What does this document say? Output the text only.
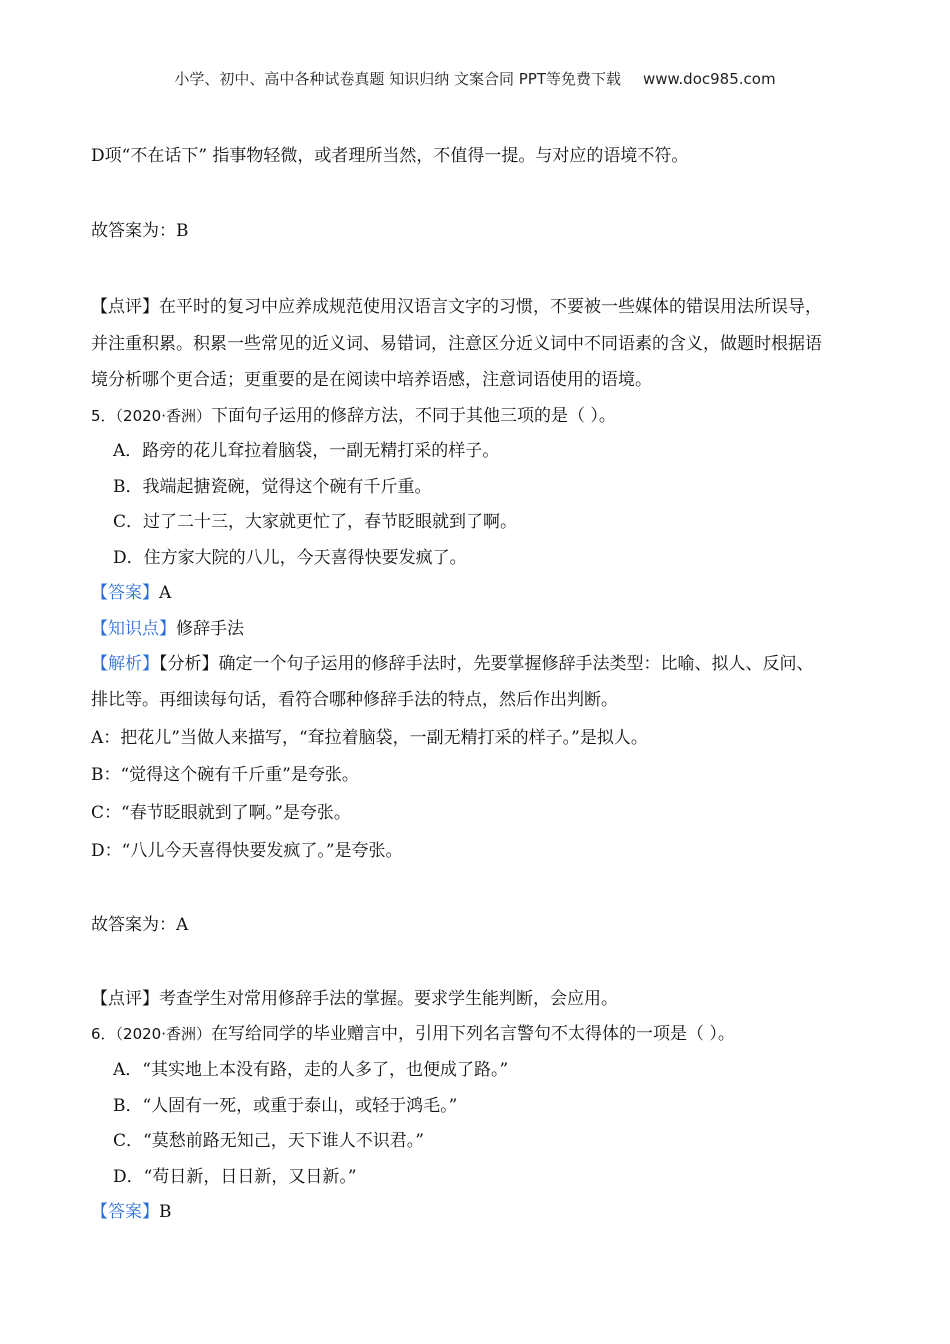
小学、初中、高中各种试卷真题 知识归纳 文案合同 PPT等免费下载 www.doc985.com
D项“不在话下” 指事物轻微，或者理所当然，不值得一提。与对应的语境不符。
故答案为：B
【点评】在平时的复习中应养成规范使用汉语言文字的习惯，不要被一些媒体的错误用法所误导，
并注重积累。积累一些常见的近义词、易错词，注意区分近义词中不同语素的含义，做题时根据语
境分析哪个更合适；更重要的是在阅读中培养语感，注意词语使用的语境。
5．（2020·香洲）下面句子运用的修辞方法，不同于其他三项的是（ ）。
A．路旁的花儿耷拉着脑袋，一副无精打采的样子。
B．我端起搪瓷碗，觉得这个碗有千斤重。
C．过了二十三，大家就更忙了，春节眨眼就到了啊。
D．住方家大院的八儿，今天喜得快要发疯了。
【答案】A
【知识点】修辞手法
【解析】【分析】确定一个句子运用的修辞手法时，先要掌握修辞手法类型：比喻、拟人、反问、
排比等。再细读每句话，看符合哪种修辞手法的特点，然后作出判断。
A：把花儿”当做人来描写，“耷拉着脑袋，一副无精打采的样子。”是拟人。
B：“觉得这个碗有千斤重”是夸张。
C：“春节眨眼就到了啊。”是夸张。
D：“八儿今天喜得快要发疯了。”是夸张。
故答案为：A
【点评】考查学生对常用修辞手法的掌握。要求学生能判断，会应用。
6．（2020·香洲）在写给同学的毕业赠言中，引用下列名言警句不太得体的一项是（ ）。
A．“其实地上本没有路，走的人多了，也便成了路。”
B．“人固有一死，或重于泰山，或轻于鸿毛。”
C．“莫愁前路无知己，天下谁人不识君。”
D．“苟日新，日日新，又日新。”
【答案】B
